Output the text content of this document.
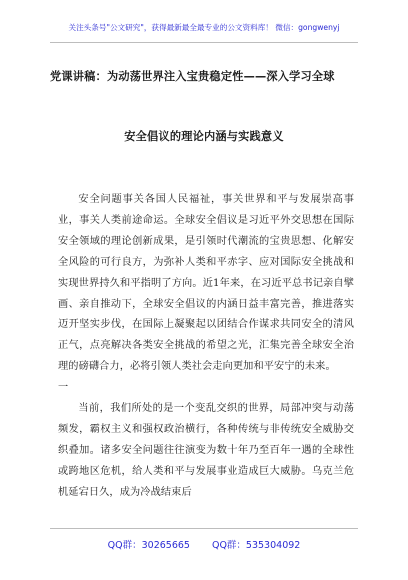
关注头条号"公文研究"，获得最新最全最专业的公文资料库！ 微信：gongwenyj
党课讲稿：为动荡世界注入宝贵稳定性——深入学习全球
安全倡议的理论内涵与实践意义

安全问题事关各国人民福祉，事关世界和平与发展崇高事业，事关人类前途命运。全球安全倡议是习近平外交思想在国际安全领域的理论创新成果，是引领时代潮流的宝贵思想、化解安全风险的可行良方，为弥补人类和平赤字、应对国际安全挑战和实现世界持久和平指明了方向。近1年来，在习近平总书记亲自擘画、亲自推动下，全球安全倡议的内涵日益丰富完善，推进落实迈开坚实步伐，在国际上凝聚起以团结合作谋求共同安全的清风正气，点亮解决各类安全挑战的希望之光，汇集完善全球安全治理的磅礴合力，必将引领人类社会走向更加和平安宁的未来。

一

当前，我们所处的是一个变乱交织的世界，局部冲突与动荡频发，霸权主义和强权政治横行，各种传统与非传统安全威胁交织叠加。诸多安全问题往往演变为数十年乃至百年一遇的全球性或跨地区危机，给人类和平与发展事业造成巨大威胁。乌克兰危机延宕日久，成为冷战结束后

QQ群：30265665 QQ群：535304092
